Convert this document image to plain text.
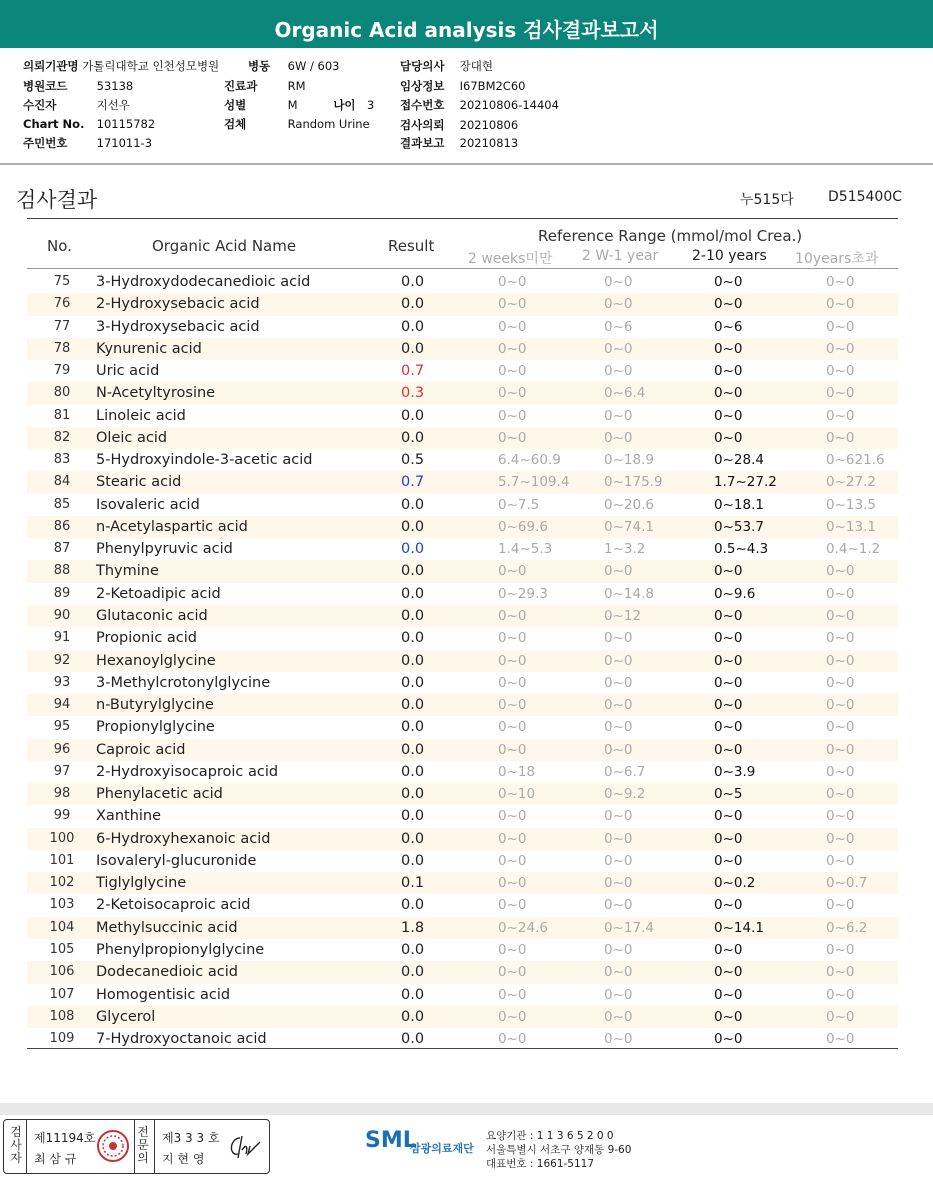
Organic Acid analysis 검사결과보고서
의뢰기관명 가톨릭대학교 인천성모병원
병원코드	53138
수진자	지선우
Chart No. 10115782
주민번호	171011-3
병동 6W / 603
진료과	RM
성별	M	나이 3
검체	Random Urine
담당의사 장대현
임상정보 I67BM2C60
접수번호 20210806-14404
검사의뢰 20210806
결과보고 20210813
검사결과	누515다 D515400C
No.	Organic Acid Name	Result
Reference Range (mmol/mol Crea.)
2 weeks미만 2 W-1 year 2-10 years 10years초과
75	3-Hydroxydodecanedioic acid	0.0	0~0	0~0	0~0	0~0
76	2-Hydroxysebacic acid	0.0	0~0	0~0	0~0	0~0
77	3-Hydroxysebacic acid	0.0	0~0	0~6	0~6	0~0
78	Kynurenic acid	0.0	0~0	0~0	0~0	0~0
79	Uric acid	0.7	0~0	0~0	0~0	0~0
80	N-Acetyltyrosine	0.3	0~0	0~6.4	0~0	0~0
81	Linoleic acid	0.0	0~0	0~0	0~0	0~0
82	Oleic acid	0.0	0~0	0~0	0~0	0~0
83	5-Hydroxyindole-3-acetic acid	0.5	6.4~60.9	0~18.9	0~28.4	0~621.6
84	Stearic acid	0.7	5.7~109.4	0~175.9	1.7~27.2	0~27.2
85	Isovaleric acid	0.0	0~7.5	0~20.6	0~18.1	0~13.5
86	n-Acetylaspartic acid	0.0	0~69.6	0~74.1	0~53.7	0~13.1
87	Phenylpyruvic acid	0.0	1.4~5.3	1~3.2	0.5~4.3	0.4~1.2
88	Thymine	0.0	0~0	0~0	0~0	0~0
89	2-Ketoadipic acid	0.0	0~29.3	0~14.8	0~9.6	0~0
90	Glutaconic acid	0.0	0~0	0~12	0~0	0~0
91	Propionic acid	0.0	0~0	0~0	0~0	0~0
92	Hexanoylglycine	0.0	0~0	0~0	0~0	0~0
93	3-Methylcrotonylglycine	0.0	0~0	0~0	0~0	0~0
94	n-Butyrylglycine	0.0	0~0	0~0	0~0	0~0
95	Propionylglycine	0.0	0~0	0~0	0~0	0~0
96	Caproic acid	0.0	0~0	0~0	0~0	0~0
97	2-Hydroxyisocaproic acid	0.0	0~18	0~6.7	0~3.9	0~0
98	Phenylacetic acid	0.0	0~10	0~9.2	0~5	0~0
99	Xanthine	0.0	0~0	0~0	0~0	0~0
100	6-Hydroxyhexanoic acid	0.0	0~0	0~0	0~0	0~0
101	Isovaleryl-glucuronide	0.0	0~0	0~0	0~0	0~0
102	Tiglylglycine	0.1	0~0	0~0	0~0.2	0~0.7
103	2-Ketoisocaproic acid	0.0	0~0	0~0	0~0	0~0
104	Methylsuccinic acid	1.8	0~24.6	0~17.4	0~14.1	0~6.2
105	Phenylpropionylglycine	0.0	0~0	0~0	0~0	0~0
106	Dodecanedioic acid	0.0	0~0	0~0	0~0	0~0
107	Homogentisic acid	0.0	0~0	0~0	0~0	0~0
108	Glycerol	0.0	0~0	0~0	0~0	0~0
109	7-Hydroxyoctanoic acid	0.0	0~0	0~0	0~0	0~0
검사자
제11194호
최 삼 규
전문의
제3 3 3 호
지 현 영
SML
삼광의료재단
요양기관 : 1 1 3 6 5 2 0 0
서울특별시 서초구 양재동 9-60
대표번호 : 1661-5117
